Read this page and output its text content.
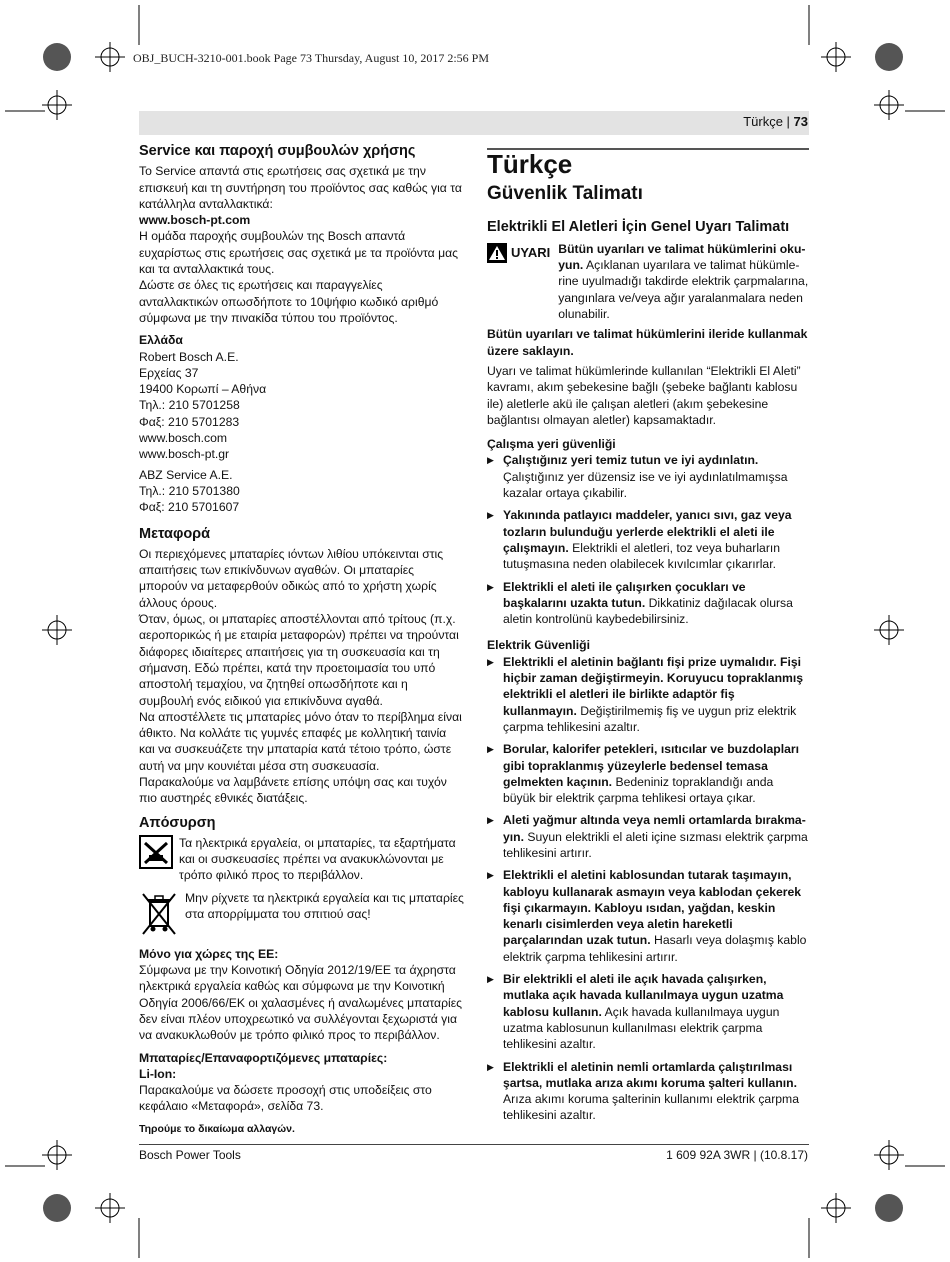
OBJ_BUCH-3210-001.book Page 73 Thursday, August 10, 2017 2:56 PM
Türkçe | 73
Service και παροχή συμβουλών χρήσης

Το Service απαντά στις ερωτήσεις σας σχετικά με την επισκευή και τη συντήρηση του προϊόντος σας καθώς για τα κατάλληλα ανταλλακτικά:

www.bosch-pt.com

Η ομάδα παροχής συμβουλών της Bosch απαντά ευχαρίστως στις ερωτήσεις σας σχετικά με τα προϊόντα μας και τα ανταλλακτικά τους.

Δώστε σε όλες τις ερωτήσεις και παραγγελίες ανταλλακτικών οπωσδήποτε το 10ψήφιο κωδικό αριθμό σύμφωνα με την πινακίδα τύπου του προϊόντος.

Ελλάδα

Robert Bosch A.E.

Ερχείας 37

19400 Κορωπί – Αθήνα

Τηλ.: 210 5701258

Φαξ: 210 5701283

www.bosch.com

www.bosch-pt.gr

ABZ Service A.E.

Τηλ.: 210 5701380

Φαξ: 210 5701607

Μεταφορά

Οι περιεχόμενες μπαταρίες ιόντων λιθίου υπόκεινται στις απαιτήσεις των επικίνδυνων αγαθών. Οι μπαταρίες μπορούν να μεταφερθούν οδικώς από το χρήστη χωρίς άλλους όρους.

Όταν, όμως, οι μπαταρίες αποστέλλονται από τρίτους (π.χ. αεροπορικώς ή με εταιρία μεταφορών) πρέπει να τηρούνται διάφορες ιδιαίτερες απαιτήσεις για τη συσκευασία και τη σήμανση. Εδώ πρέπει, κατά την προετοιμασία του υπό αποστολή τεμαχίου, να ζητηθεί οπωσδήποτε και η συμβουλή ενός ειδικού για επικίνδυνα αγαθά.

Να αποστέλλετε τις μπαταρίες μόνο όταν το περίβλημα είναι άθικτο. Να κολλάτε τις γυμνές επαφές με κολλητική ταινία και να συσκευάζετε την μπαταρία κατά τέτοιο τρόπο, ώστε αυτή να μην κουνιέται μέσα στη συσκευασία.

Παρακαλούμε να λαμβάνετε επίσης υπόψη σας και τυχόν πιο αυστηρές εθνικές διατάξεις.

Απόσυρση

Τα ηλεκτρικά εργαλεία, οι μπαταρίες, τα εξαρτήματα και οι συσκευασίες πρέπει να ανακυκλώνονται με τρόπο φιλικό προς το περιβάλλον.

Μην ρίχνετε τα ηλεκτρικά εργαλεία και τις μπαταρίες στα απορρίμματα του σπιτιού σας!

Μόνο για χώρες της ΕΕ:

Σύμφωνα με την Κοινοτική Οδηγία 2012/19/ΕΕ τα άχρηστα ηλεκτρικά εργαλεία καθώς και σύμφωνα με την Κοινοτική Οδηγία 2006/66/ΕΚ οι χαλασμένες ή αναλωμένες μπαταρίες δεν είναι πλέον υποχρεωτικό να συλλέγονται ξεχωριστά για να ανακυκλωθούν με τρόπο φιλικό προς το περιβάλλον.

Μπαταρίες/Επαναφορτιζόμενες μπαταρίες:

Li-Ion:

Παρακαλούμε να δώσετε προσοχή στις υποδείξεις στο κεφάλαιο «Μεταφορά», σελίδα 73.

Τηρούμε το δικαίωμα αλλαγών.

Türkçe
Güvenlik Talimatı
Elektrikli El Aletleri İçin Genel Uyarı Talimatı
UYARI Bütün uyarıları ve talimat hükümlerini okuyun. Açıklanan uyarılara ve talimat hükümlerine uyulmadığı takdirde elektrik çarpmalarına, yangınlara ve/veya ağır yaralanmalara neden olunabilir.

Bütün uyarıları ve talimat hükümlerini ileride kullanmak üzere saklayın.

Uyarı ve talimat hükümlerinde kullanılan “Elektrikli El Aleti” kavramı, akım şebekesine bağlı (şebeke bağlantı kablosu ile) aletlerle akü ile çalışan aletleri (akım şebekesine bağlantısı olmayan aletler) kapsamaktadır.

Çalışma yeri güvenliği

▶ Çalıştığınız yeri temiz tutun ve iyi aydınlatın. Çalıştığınız yer düzensiz ise ve iyi aydınlatılmamışsa kazalar ortaya çıkabilir.
▶ Yakınında patlayıcı maddeler, yanıcı sıvı, gaz veya tozların bulunduğu yerlerde elektrikli el aleti ile çalışmayın. Elektrikli el aletleri, toz veya buharların tutuşmasına neden olabilecek kıvılcımlar çıkarırlar.
▶ Elektrikli el aleti ile çalışırken çocukları ve başkalarını uzakta tutun. Dikkatiniz dağılacak olursa aletin kontrolünü kaybedebilirsiniz.

Elektrik Güvenliği

▶ Elektrikli el aletinin bağlantı fişi prize uymalıdır. Fişi hiçbir zaman değiştirmeyin. Koruyucu topraklanmış elektrikli el aletleri ile birlikte adaptör fiş kullanmayın. Değiştirilmemiş fiş ve uygun priz elektrik çarpma tehlikesini azaltır.
▶ Borular, kalorifer petekleri, ısıtıcılar ve buzdolapları gibi topraklanmış yüzeylerle bedensel temasa gelmekten kaçının. Bedeniniz topraklandığı anda büyük bir elektrik çarpma tehlikesi ortaya çıkar.
▶ Aleti yağmur altında veya nemli ortamlarda bırakmayın. Suyun elektrikli el aleti içine sızması elektrik çarpma tehlikesini artırır.
▶ Elektrikli el aletini kablosundan tutarak taşımayın, kabloyu kullanarak asmayın veya kablodan çekerek fişi çıkarmayın. Kabloyu ısıdan, yağdan, keskin kenarlı cisimlerden veya aletin hareketli parçalarından uzak tutun. Hasarlı veya dolaşmış kablo elektrik çarpma tehlikesini artırır.
▶ Bir elektrikli el aleti ile açık havada çalışırken, mutlaka açık havada kullanılmaya uygun uzatma kablosu kullanın. Açık havada kullanılmaya uygun uzatma kablosunun kullanılması elektrik çarpma tehlikesini azaltır.
▶ Elektrikli el aletinin nemli ortamlarda çalıştırılması şartsa, mutlaka arıza akımı koruma şalteri kullanın. Arıza akımı koruma şalterinin kullanımı elektrik çarpma tehlikesini azaltır.
Bosch Power Tools	1 609 92A 3WR | (10.8.17)
